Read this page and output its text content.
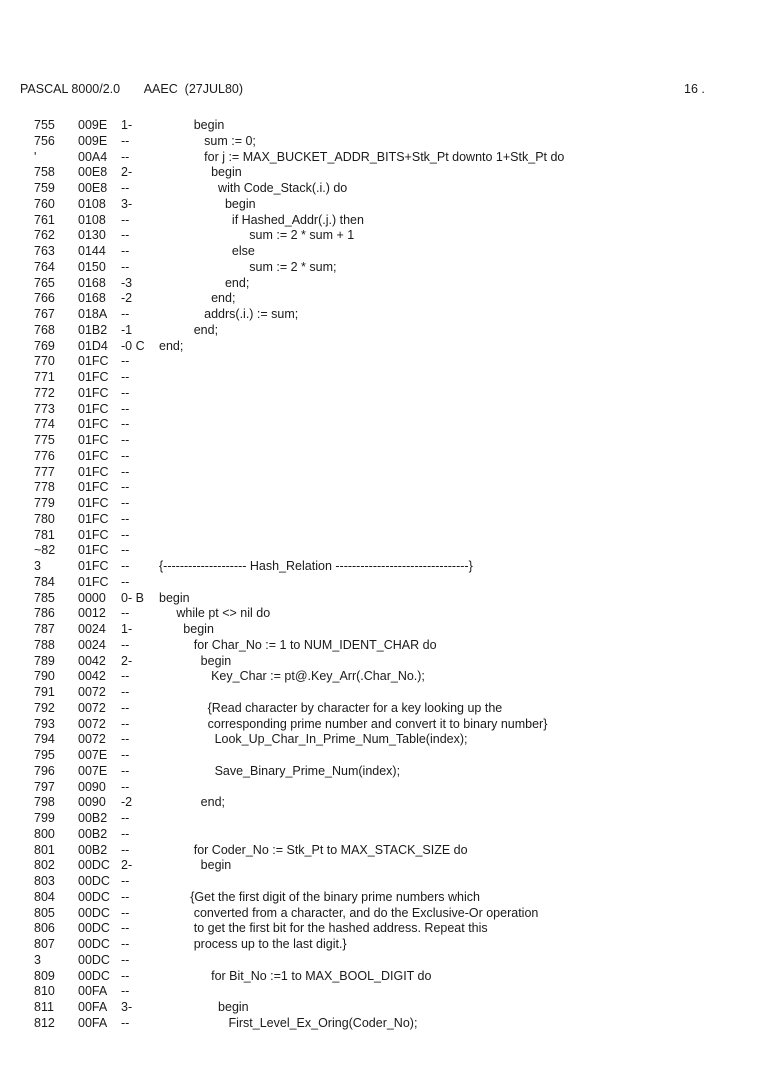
PASCAL 8000/2.0       AAEC  (27JUL80)	16 .
755	009E	1-	begin
756	009E	--	sum := 0;
'	00A4	--	for j := MAX_BUCKET_ADDR_BITS+Stk_Pt downto 1+Stk_Pt do
758	00E8	2-	begin
759	00E8	--	with Code_Stack(.i.) do
760	0108	3-	begin
761	0108	--	if Hashed_Addr(.j.) then
762	0130	--	sum := 2 * sum + 1
763	0144	--	else
764	0150	--	sum := 2 * sum;
765	0168	-3	end;
766	0168	-2	end;
767	018A	--	addrs(.i.) := sum;
768	01B2	-1	end;
769	01D4	-0 C	end;
770	01FC --
771	01FC --
772	01FC --
773	01FC --
774	01FC --
775	01FC --
776	01FC --
777	01FC --
778	01FC --
779	01FC --
780	01FC --
781	01FC --
~82	01FC --
3	01FC --	{-------------------- Hash_Relation --------------------------------}
784	01FC --
785	0000	0- B	begin
786	0012	--	while pt <> nil do
787	0024	1-	begin
788	0024	--	for Char_No := 1 to NUM_IDENT_CHAR do
789	0042	2-	begin
790	0042	--	Key_Char := pt@.Key_Arr(.Char_No.);
791	0072	--
792	0072	--	{Read character by character for a key looking up the
793	0072	--	corresponding prime number and convert it to binary number}
794	0072	--	Look_Up_Char_In_Prime_Num_Table(index);
795	007E	--
796	007E	--	Save_Binary_Prime_Num(index);
797	0090	--
798	0090	-2	end;
799	00B2	--
800	00B2	--
801	00B2	--	for Coder_No := Stk_Pt to MAX_STACK_SIZE do
802	00DC 2-	begin
803	00DC --
804	00DC --	{Get the first digit of the binary prime numbers which
805	00DC --	converted from a character, and do the Exclusive-Or operation
806	00DC --	to get the first bit for the hashed address. Repeat this
807	00DC --	process up to the last digit.}
3	00DC --
809	00DC --	for Bit_No :=1 to MAX_BOOL_DIGIT do
810	00FA	--
811	00FA	3-	begin
812	00FA	--	First_Level_Ex_Oring(Coder_No);
